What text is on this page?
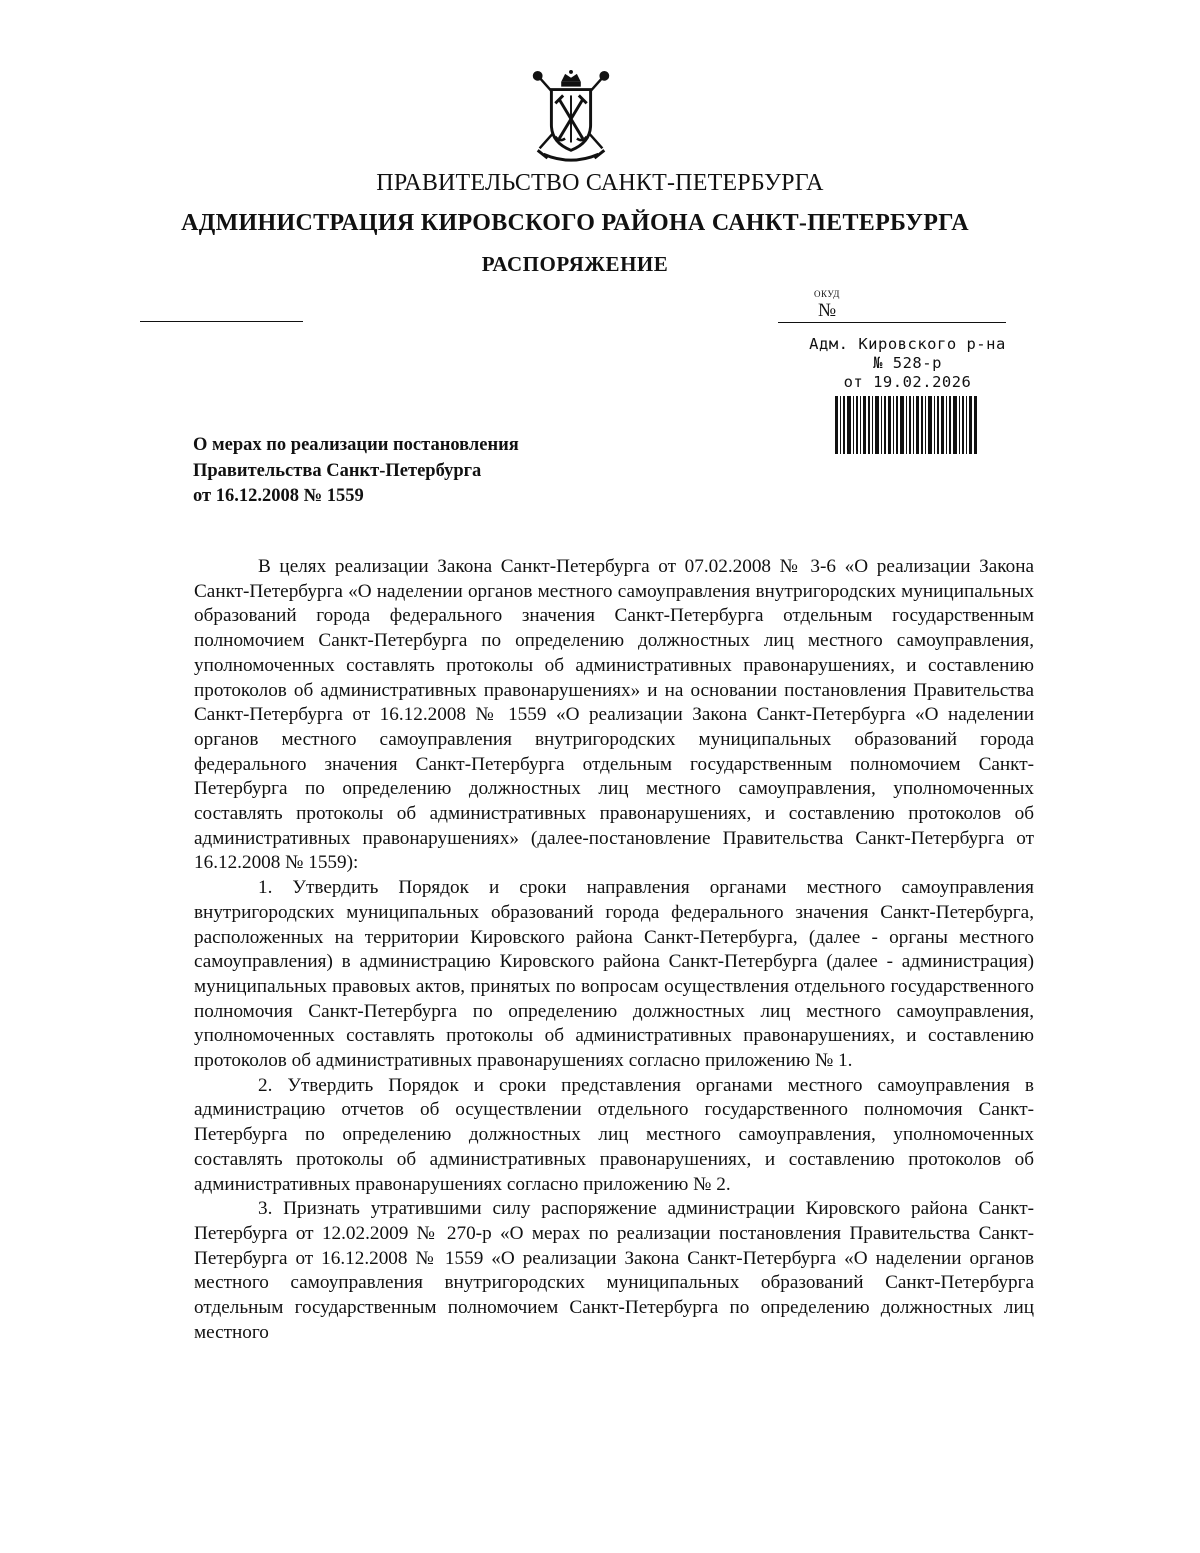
ПРАВИТЕЛЬСТВО САНКТ-ПЕТЕРБУРГА
АДМИНИСТРАЦИЯ КИРОВСКОГО РАЙОНА САНКТ-ПЕТЕРБУРГА
РАСПОРЯЖЕНИЕ
ОКУД
№
Адм. Кировского р-на
№ 528-р
от 19.02.2026
О мерах по реализации постановления
Правительства Санкт-Петербурга
от 16.12.2008 № 1559

В целях реализации Закона Санкт-Петербурга от 07.02.2008 № 3-6 «О реализации Закона Санкт-Петербурга «О наделении органов местного самоуправления внутригородских муниципальных образований города федерального значения Санкт-Петербурга отдельным государственным полномочием Санкт-Петербурга по определению должностных лиц местного самоуправления, уполномоченных составлять протоколы об административных правонарушениях, и составлению протоколов об административных правонарушениях» и на основании постановления Правительства Санкт-Петербурга от 16.12.2008 № 1559 «О реализации Закона Санкт-Петербурга «О наделении органов местного самоуправления внутригородских муниципальных образований города федерального значения Санкт-Петербурга отдельным государственным полномочием Санкт-Петербурга по определению должностных лиц местного самоуправления, уполномоченных составлять протоколы об административных правонарушениях, и составлению протоколов об административных правонарушениях» (далее-постановление Правительства Санкт-Петербурга от 16.12.2008 № 1559):

1. Утвердить Порядок и сроки направления органами местного самоуправления внутригородских муниципальных образований города федерального значения Санкт-Петербурга, расположенных на территории Кировского района Санкт-Петербурга, (далее - органы местного самоуправления) в администрацию Кировского района Санкт-Петербурга (далее - администрация) муниципальных правовых актов, принятых по вопросам осуществления отдельного государственного полномочия Санкт-Петербурга по определению должностных лиц местного самоуправления, уполномоченных составлять протоколы об административных правонарушениях, и составлению протоколов об административных правонарушениях согласно приложению № 1.

2. Утвердить Порядок и сроки представления органами местного самоуправления в администрацию отчетов об осуществлении отдельного государственного полномочия Санкт-Петербурга по определению должностных лиц местного самоуправления, уполномоченных составлять протоколы об административных правонарушениях, и составлению протоколов об административных правонарушениях согласно приложению № 2.

3. Признать утратившими силу распоряжение администрации Кировского района Санкт-Петербурга от 12.02.2009 № 270-р «О мерах по реализации постановления Правительства Санкт-Петербурга от 16.12.2008 № 1559 «О реализации Закона Санкт-Петербурга «О наделении органов местного самоуправления внутригородских муниципальных образований Санкт-Петербурга отдельным государственным полномочием Санкт-Петербурга по определению должностных лиц местного
